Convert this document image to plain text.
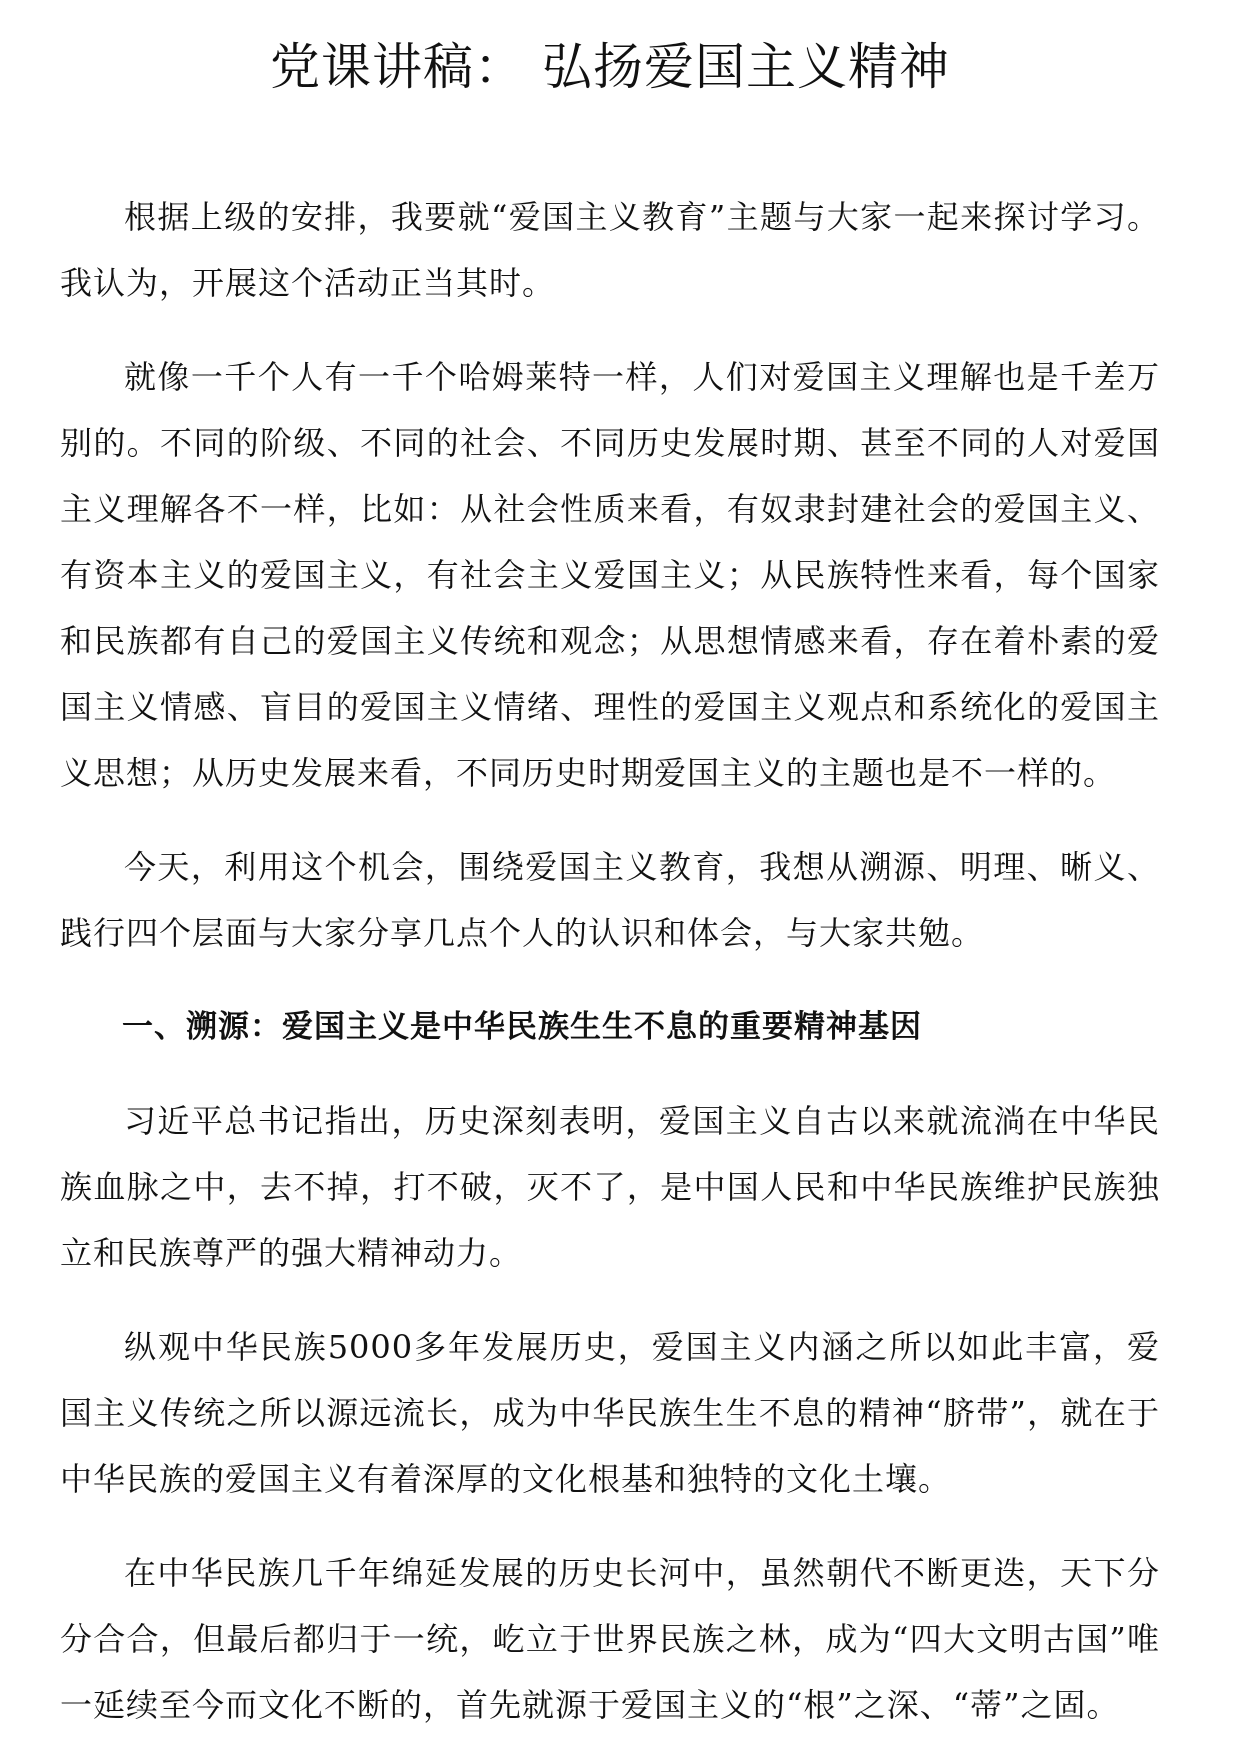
党课讲稿： 弘扬爱国主义精神

根据上级的安排，我要就“爱国主义教育”主题与大家一起来探讨学习。我认为，开展这个活动正当其时。

就像一千个人有一千个哈姆莱特一样，人们对爱国主义理解也是千差万别的。不同的阶级、不同的社会、不同历史发展时期、甚至不同的人对爱国主义理解各不一样，比如：从社会性质来看，有奴隶封建社会的爱国主义、有资本主义的爱国主义，有社会主义爱国主义；从民族特性来看，每个国家和民族都有自己的爱国主义传统和观念；从思想情感来看，存在着朴素的爱国主义情感、盲目的爱国主义情绪、理性的爱国主义观点和系统化的爱国主义思想；从历史发展来看，不同历史时期爱国主义的主题也是不一样的。

今天，利用这个机会，围绕爱国主义教育，我想从溯源、明理、晰义、践行四个层面与大家分享几点个人的认识和体会，与大家共勉。

一、溯源：爱国主义是中华民族生生不息的重要精神基因

习近平总书记指出，历史深刻表明，爱国主义自古以来就流淌在中华民族血脉之中，去不掉，打不破，灭不了，是中国人民和中华民族维护民族独立和民族尊严的强大精神动力。

纵观中华民族5000多年发展历史，爱国主义内涵之所以如此丰富，爱国主义传统之所以源远流长，成为中华民族生生不息的精神“脐带”，就在于中华民族的爱国主义有着深厚的文化根基和独特的文化土壤。

在中华民族几千年绵延发展的历史长河中，虽然朝代不断更迭，天下分分合合，但最后都归于一统，屹立于世界民族之林，成为“四大文明古国”唯一延续至今而文化不断的，首先就源于爱国主义的“根”之深、“蒂”之固。
